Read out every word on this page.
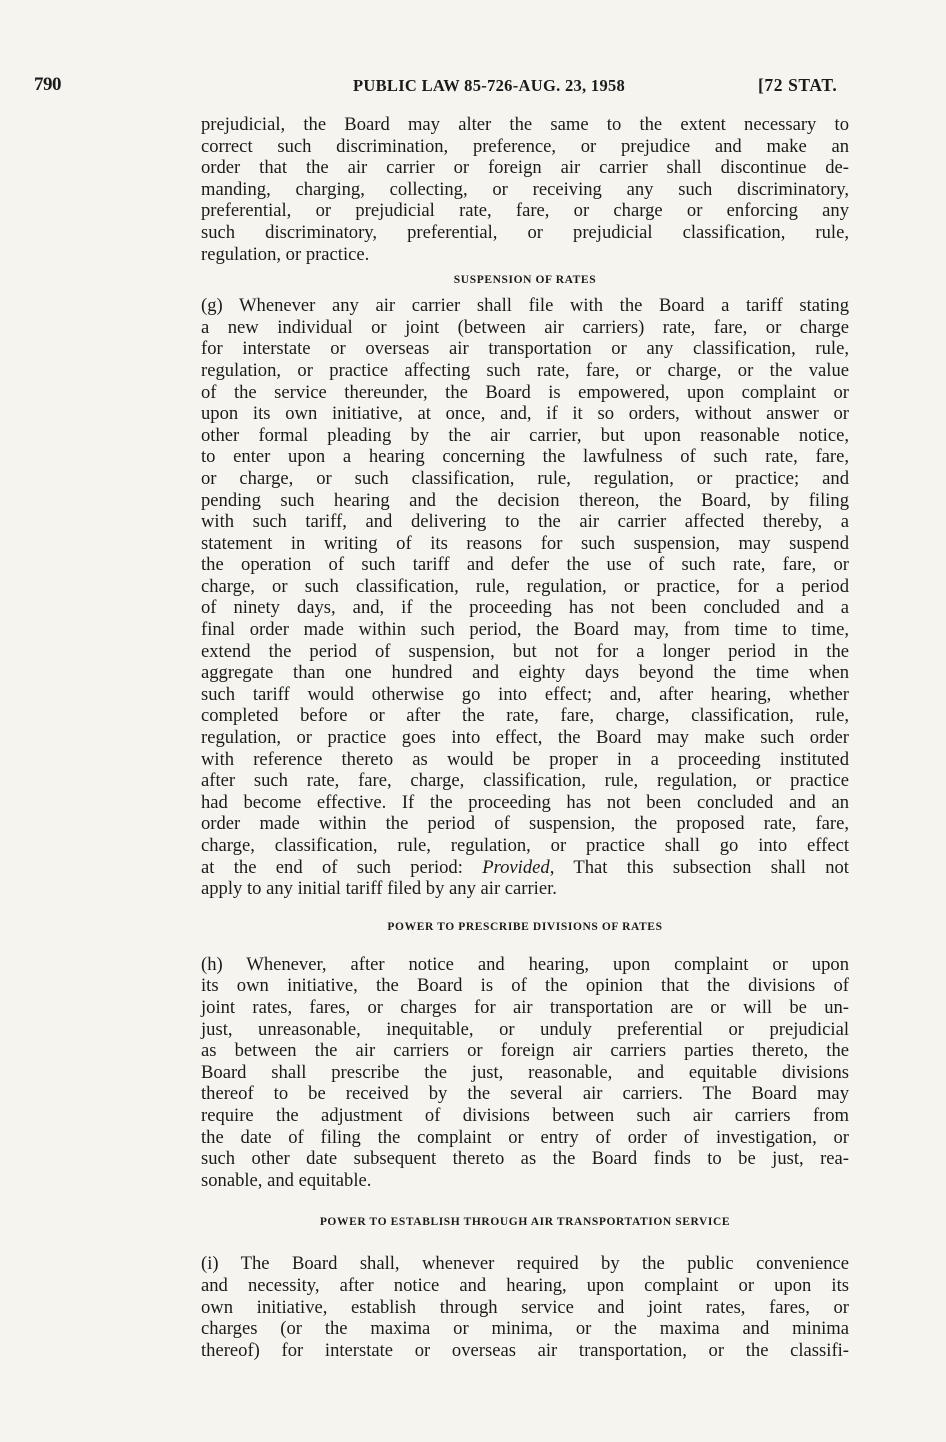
790	PUBLIC LAW 85-726-AUG. 23, 1958	[72 STAT.

prejudicial, the Board may alter the same to the extent necessary to

correct such discrimination, preference, or prejudice and make an

order that the air carrier or foreign air carrier shall discontinue de-

manding, charging, collecting, or receiving any such discriminatory,

preferential, or prejudicial rate, fare, or charge or enforcing any

such discriminatory, preferential, or prejudicial classification, rule,

regulation, or practice.

SUSPENSION OF RATES

(g) Whenever any air carrier shall file with the Board a tariff stating

a new individual or joint (between air carriers) rate, fare, or charge

for interstate or overseas air transportation or any classification, rule,

regulation, or practice affecting such rate, fare, or charge, or the value

of the service thereunder, the Board is empowered, upon complaint or

upon its own initiative, at once, and, if it so orders, without answer or

other formal pleading by the air carrier, but upon reasonable notice,

to enter upon a hearing concerning the lawfulness of such rate, fare,

or charge, or such classification, rule, regulation, or practice; and

pending such hearing and the decision thereon, the Board, by filing

with such tariff, and delivering to the air carrier affected thereby, a

statement in writing of its reasons for such suspension, may suspend

the operation of such tariff and defer the use of such rate, fare, or

charge, or such classification, rule, regulation, or practice, for a period

of ninety days, and, if the proceeding has not been concluded and a

final order made within such period, the Board may, from time to time,

extend the period of suspension, but not for a longer period in the

aggregate than one hundred and eighty days beyond the time when

such tariff would otherwise go into effect; and, after hearing, whether

completed before or after the rate, fare, charge, classification, rule,

regulation, or practice goes into effect, the Board may make such order

with reference thereto as would be proper in a proceeding instituted

after such rate, fare, charge, classification, rule, regulation, or practice

had become effective. If the proceeding has not been concluded and an

order made within the period of suspension, the proposed rate, fare,

charge, classification, rule, regulation, or practice shall go into effect

at the end of such period: Provided, That this subsection shall not

apply to any initial tariff filed by any air carrier.

POWER TO PRESCRIBE DIVISIONS OF RATES

(h) Whenever, after notice and hearing, upon complaint or upon

its own initiative, the Board is of the opinion that the divisions of

joint rates, fares, or charges for air transportation are or will be un-

just, unreasonable, inequitable, or unduly preferential or prejudicial

as between the air carriers or foreign air carriers parties thereto, the

Board shall prescribe the just, reasonable, and equitable divisions

thereof to be received by the several air carriers. The Board may

require the adjustment of divisions between such air carriers from

the date of filing the complaint or entry of order of investigation, or

such other date subsequent thereto as the Board finds to be just, rea-

sonable, and equitable.

POWER TO ESTABLISH THROUGH AIR TRANSPORTATION SERVICE

(i) The Board shall, whenever required by the public convenience

and necessity, after notice and hearing, upon complaint or upon its

own initiative, establish through service and joint rates, fares, or

charges (or the maxima or minima, or the maxima and minima

thereof) for interstate or overseas air transportation, or the classifi-
